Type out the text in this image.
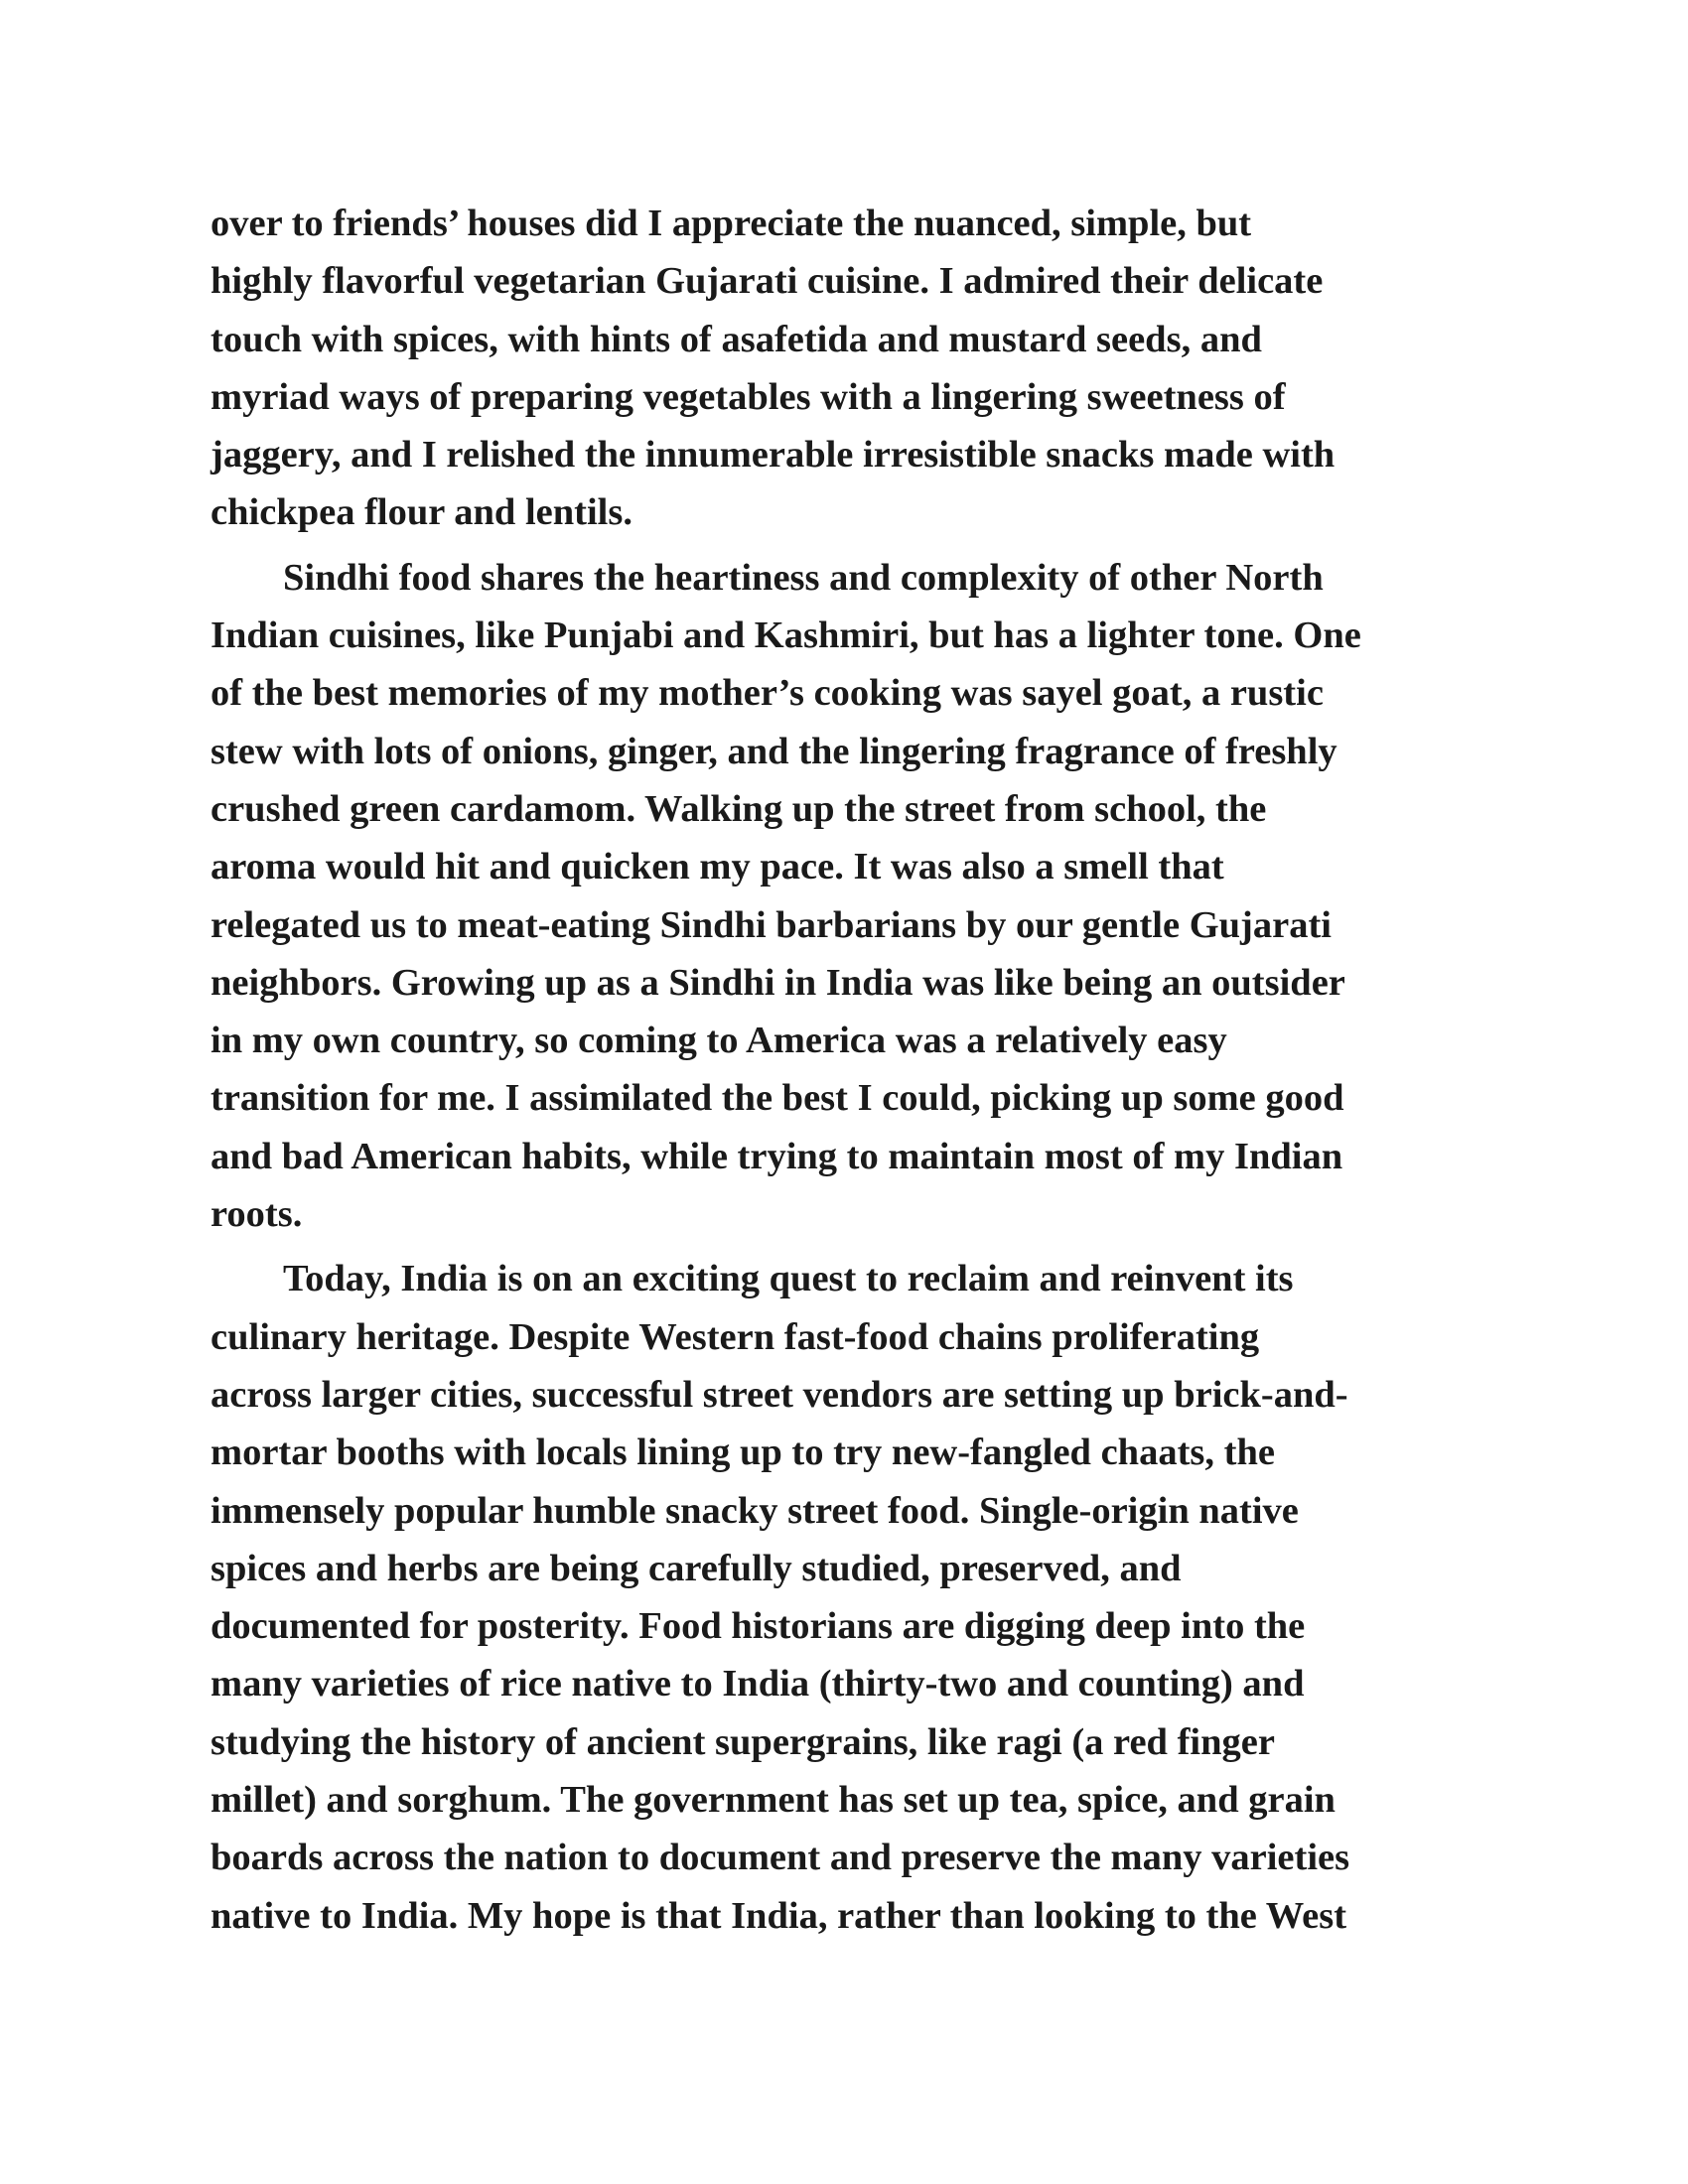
over to friends’ houses did I appreciate the nuanced, simple, but
highly flavorful vegetarian Gujarati cuisine. I admired their delicate
touch with spices, with hints of asafetida and mustard seeds, and
myriad ways of preparing vegetables with a lingering sweetness of
jaggery, and I relished the innumerable irresistible snacks made with
chickpea flour and lentils.
Sindhi food shares the heartiness and complexity of other North
Indian cuisines, like Punjabi and Kashmiri, but has a lighter tone. One
of the best memories of my mother’s cooking was sayel goat, a rustic
stew with lots of onions, ginger, and the lingering fragrance of freshly
crushed green cardamom. Walking up the street from school, the
aroma would hit and quicken my pace. It was also a smell that
relegated us to meat-eating Sindhi barbarians by our gentle Gujarati
neighbors. Growing up as a Sindhi in India was like being an outsider
in my own country, so coming to America was a relatively easy
transition for me. I assimilated the best I could, picking up some good
and bad American habits, while trying to maintain most of my Indian
roots.
Today, India is on an exciting quest to reclaim and reinvent its
culinary heritage. Despite Western fast-food chains proliferating
across larger cities, successful street vendors are setting up brick-and-
mortar booths with locals lining up to try new-fangled chaats, the
immensely popular humble snacky street food. Single-origin native
spices and herbs are being carefully studied, preserved, and
documented for posterity. Food historians are digging deep into the
many varieties of rice native to India (thirty-two and counting) and
studying the history of ancient supergrains, like ragi (a red finger
millet) and sorghum. The government has set up tea, spice, and grain
boards across the nation to document and preserve the many varieties
native to India. My hope is that India, rather than looking to the West
